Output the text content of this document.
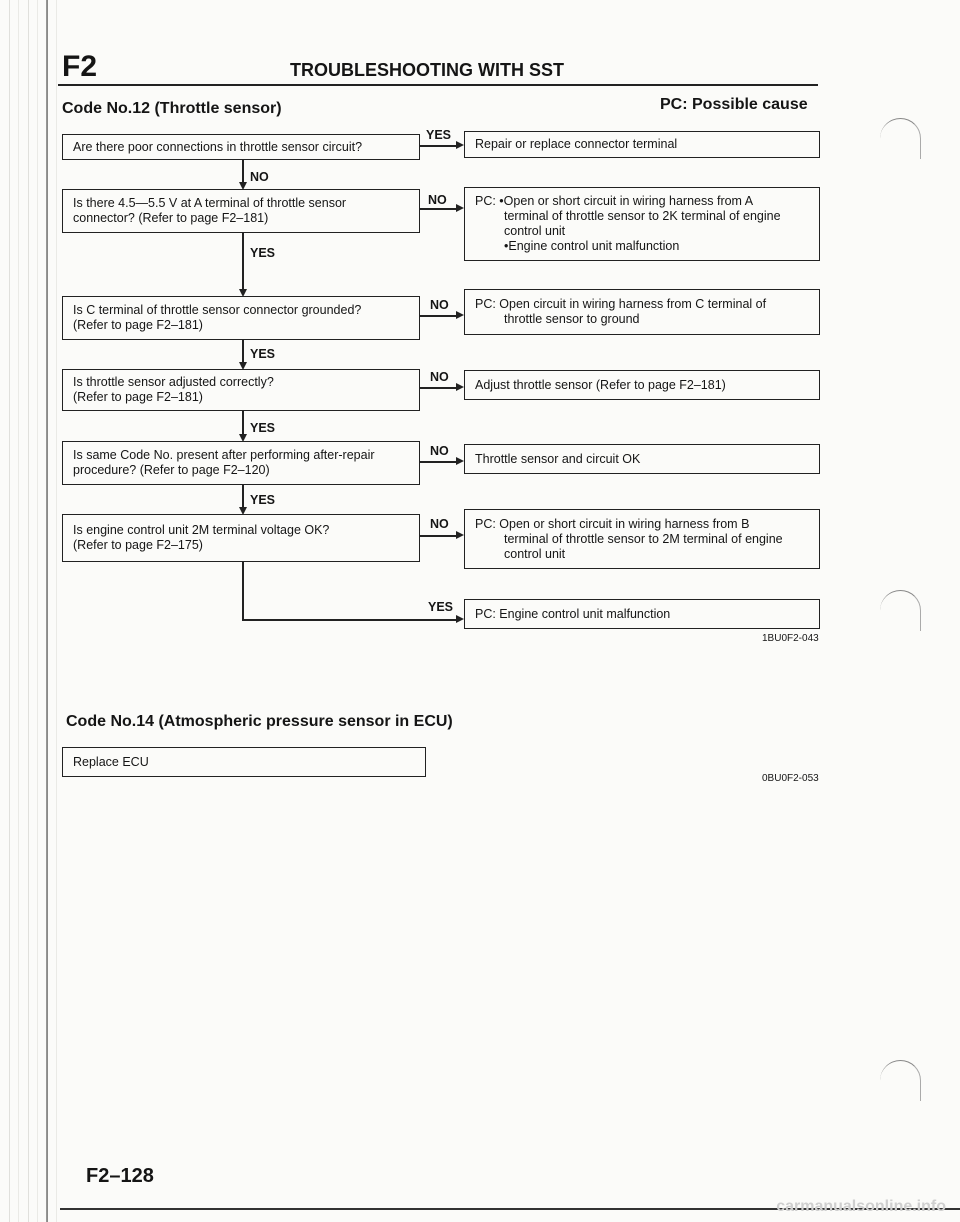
F2	TROUBLESHOOTING WITH SST
Code No.12 (Throttle sensor)	PC: Possible cause
Are there poor connections in throttle sensor circuit?
Is there 4.5—5.5 V at A terminal of throttle sensor
connector? (Refer to page F2–181)
Is C terminal of throttle sensor connector grounded?
(Refer to page F2–181)
Is throttle sensor adjusted correctly?
(Refer to page F2–181)
Is same Code No. present after performing after-repair
procedure? (Refer to page F2–120)
Is engine control unit 2M terminal voltage OK?
(Refer to page F2–175)
Repair or replace connector terminal
PC: •Open or short circuit in wiring harness from A
terminal of throttle sensor to 2K terminal of engine
control unit
•Engine control unit malfunction
PC: Open circuit in wiring harness from C terminal of
throttle sensor to ground
Adjust throttle sensor (Refer to page F2–181)
Throttle sensor and circuit OK
PC: Open or short circuit in wiring harness from B
terminal of throttle sensor to 2M terminal of engine
control unit
PC: Engine control unit malfunction
YES
NO
NO
NO
NO
NO
YES
NO
YES
YES
YES
YES
1BU0F2-043
Code No.14 (Atmospheric pressure sensor in ECU)
Replace ECU
0BU0F2-053
F2–128
carmanualsonline.info
